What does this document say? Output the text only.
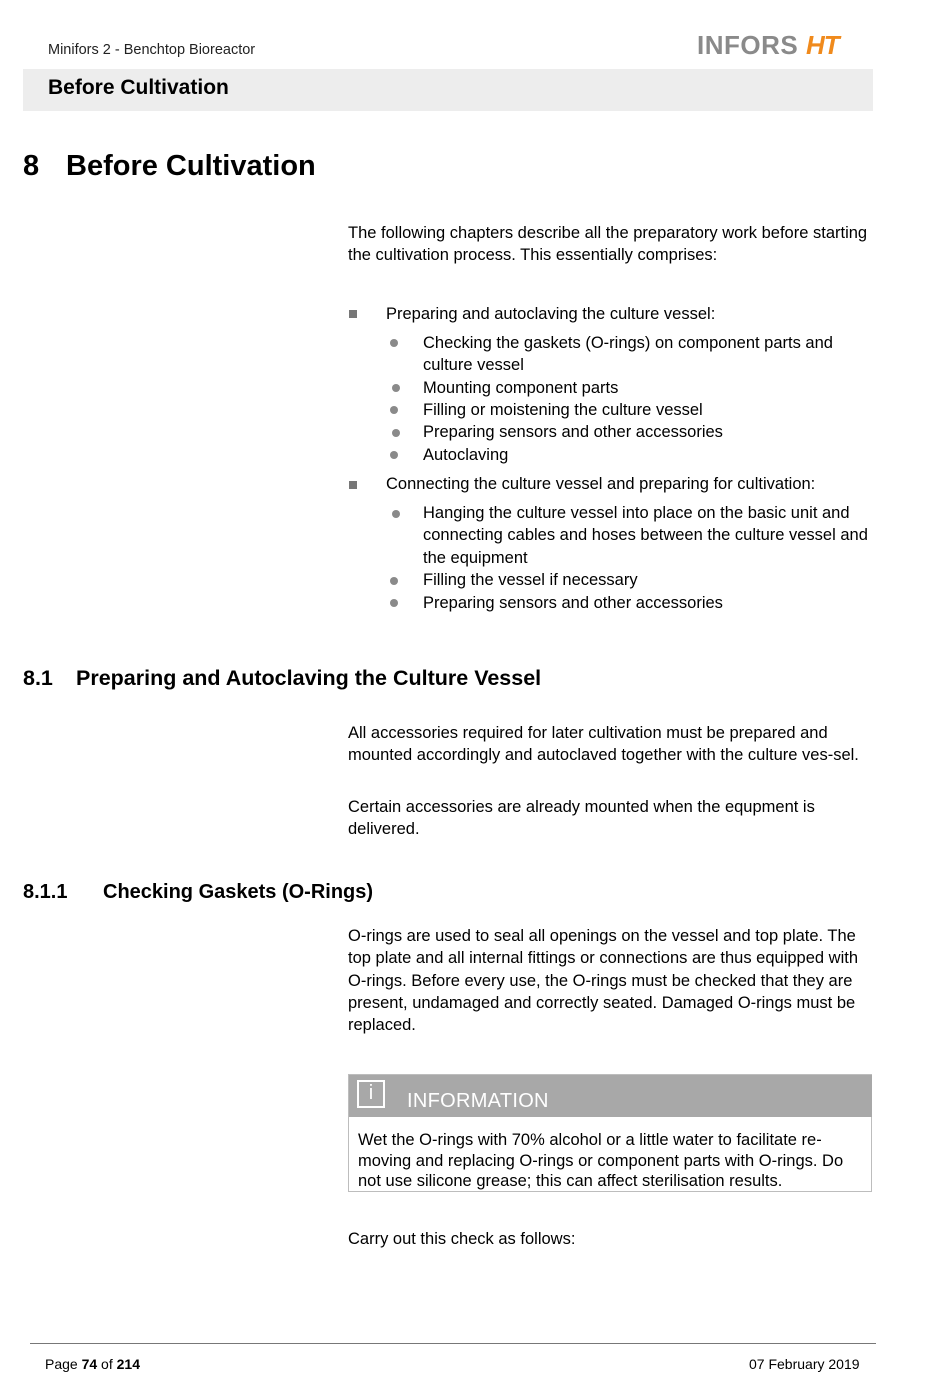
Minifors 2 - Benchtop Bioreactor	INFORS HT
Before Cultivation
8 Before Cultivation
The following chapters describe all the preparatory work before starting the cultivation process. This essentially comprises:
Preparing and autoclaving the culture vessel:
Checking the gaskets (O-rings) on component parts and culture vessel
Mounting component parts
Filling or moistening the culture vessel
Preparing sensors and other accessories
Autoclaving
Connecting the culture vessel and preparing for cultivation:
Hanging the culture vessel into place on the basic unit and connecting cables and hoses between the culture vessel and the equipment
Filling the vessel if necessary
Preparing sensors and other accessories
8.1 Preparing and Autoclaving the Culture Vessel
All accessories required for later cultivation must be prepared and mounted accordingly and autoclaved together with the culture ves-sel.
Certain accessories are already mounted when the equpment is delivered.
8.1.1 Checking Gaskets (O-Rings)
O-rings are used to seal all openings on the vessel and top plate. The top plate and all internal fittings or connections are thus equipped with O-rings. Before every use, the O-rings must be checked that they are present, undamaged and correctly seated. Damaged O-rings must be replaced.
i	INFORMATION
Wet the O-rings with 70% alcohol or a little water to facilitate re-moving and replacing O-rings or component parts with O-rings. Do not use silicone grease; this can affect sterilisation results.
Carry out this check as follows:
Page 74 of 214	07 February 2019
